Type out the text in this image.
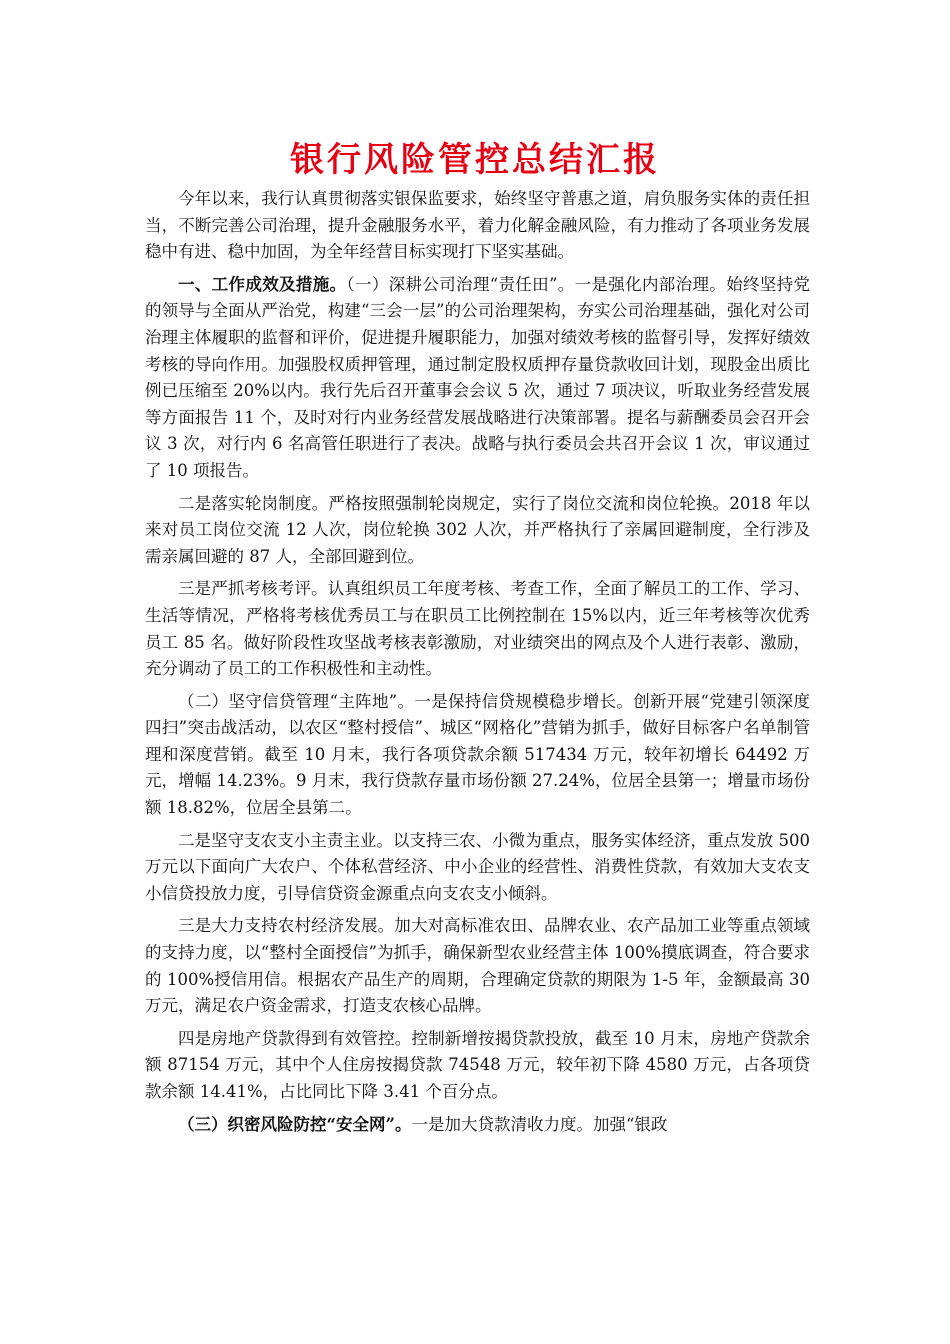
银行风险管控总结汇报

今年以来，我行认真贯彻落实银保监要求，始终坚守普惠之道，肩负服务实体的责任担当，不断完善公司治理，提升金融服务水平，着力化解金融风险，有力推动了各项业务发展稳中有进、稳中加固，为全年经营目标实现打下坚实基础。

一、工作成效及措施。（一）深耕公司治理“责任田”。一是强化内部治理。始终坚持党的领导与全面从严治党，构建“三会一层”的公司治理架构，夯实公司治理基础，强化对公司治理主体履职的监督和评价，促进提升履职能力，加强对绩效考核的监督引导，发挥好绩效考核的导向作用。加强股权质押管理，通过制定股权质押存量贷款收回计划，现股金出质比例已压缩至 20%以内。我行先后召开董事会会议 5 次，通过 7 项决议，听取业务经营发展等方面报告 11 个，及时对行内业务经营发展战略进行决策部署。提名与薪酬委员会召开会议 3 次，对行内 6 名高管任职进行了表决。战略与执行委员会共召开会议 1 次，审议通过了 10 项报告。

二是落实轮岗制度。严格按照强制轮岗规定，实行了岗位交流和岗位轮换。2018 年以来对员工岗位交流 12 人次，岗位轮换 302 人次，并严格执行了亲属回避制度，全行涉及需亲属回避的 87 人，全部回避到位。

三是严抓考核考评。认真组织员工年度考核、考查工作，全面了解员工的工作、学习、生活等情况，严格将考核优秀员工与在职员工比例控制在 15%以内，近三年考核等次优秀员工 85 名。做好阶段性攻坚战考核表彰激励，对业绩突出的网点及个人进行表彰、激励，充分调动了员工的工作积极性和主动性。

（二）坚守信贷管理“主阵地”。一是保持信贷规模稳步增长。创新开展“党建引领深度四扫”突击战活动，以农区“整村授信”、城区“网格化”营销为抓手，做好目标客户名单制管理和深度营销。截至 10 月末，我行各项贷款余额 517434 万元，较年初增长 64492 万元，增幅 14.23%。9 月末，我行贷款存量市场份额 27.24%，位居全县第一；增量市场份额 18.82%，位居全县第二。

二是坚守支农支小主责主业。以支持三农、小微为重点，服务实体经济，重点发放 500 万元以下面向广大农户、个体私营经济、中小企业的经营性、消费性贷款，有效加大支农支小信贷投放力度，引导信贷资金源重点向支农支小倾斜。

三是大力支持农村经济发展。加大对高标准农田、品牌农业、农产品加工业等重点领域的支持力度，以“整村全面授信”为抓手，确保新型农业经营主体 100%摸底调查，符合要求的 100%授信用信。根据农产品生产的周期，合理确定贷款的期限为 1-5 年，金额最高 30 万元，满足农户资金需求，打造支农核心品牌。

四是房地产贷款得到有效管控。控制新增按揭贷款投放，截至 10 月末，房地产贷款余额 87154 万元，其中个人住房按揭贷款 74548 万元，较年初下降 4580 万元，占各项贷款余额 14.41%，占比同比下降 3.41 个百分点。

（三）织密风险防控“安全网”。一是加大贷款清收力度。加强“银政
